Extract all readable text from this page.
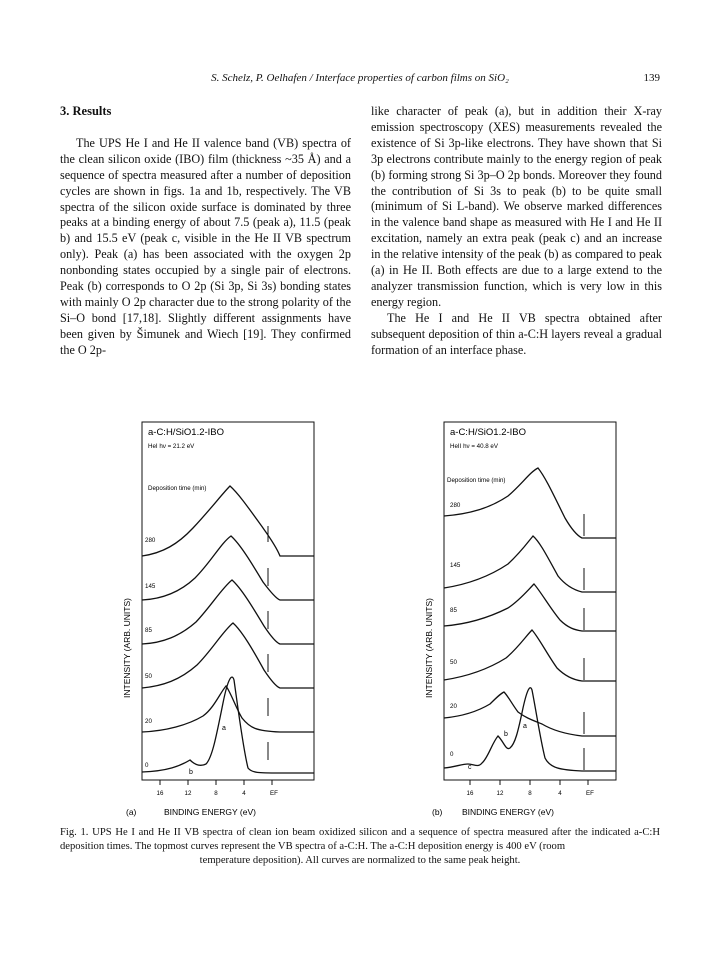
S. Schelz, P. Oelhafen / Interface properties of carbon films on SiO₂	139
3. Results

The UPS He I and He II valence band (VB) spectra of the clean silicon oxide (IBO) film (thickness ~35 Å) and a sequence of spectra measured after a number of deposition cycles are shown in figs. 1a and 1b, respectively. The VB spectra of the silicon oxide surface is dominated by three peaks at a binding energy of about 7.5 (peak a), 11.5 (peak b) and 15.5 eV (peak c, visible in the He II VB spectrum only). Peak (a) has been associated with the oxygen 2p nonbonding states occupied by a single pair of electrons. Peak (b) corresponds to O 2p (Si 3p, Si 3s) bonding states with mainly O 2p character due to the strong polarity of the Si–O bond [17,18]. Slightly different assignments have been given by Šimunek and Wiech [19]. They confirmed the O 2p-

like character of peak (a), but in addition their X-ray emission spectroscopy (XES) measurements revealed the existence of Si 3p-like electrons. They have shown that Si 3p electrons contribute mainly to the energy region of peak (b) forming strong Si 3p–O 2p bonds. Moreover they found the contribution of Si 3s to peak (b) to be quite small (minimum of Si L-band). We observe marked differences in the valence band shape as measured with He I and He II excitation, namely an extra peak (peak c) and an increase in the relative intensity of the peak (b) as compared to peak (a) in He II. Both effects are due to a large extend to the analyzer transmission function, which is very low in this energy region.

The He I and He II VB spectra obtained after subsequent deposition of thin a-C:H layers reveal a gradual formation of an interface phase.

INTENSITY (ARB. UNITS)
a-C:H/SiO1.2-IBO
HeI hν = 21.2 eV
Deposition time (min)
280
145
85
50
20
0
a
b
16	12	8	4	EF
(a)	BINDING ENERGY (eV)
INTENSITY (ARB. UNITS)
a-C:H/SiO1.2-IBO
HeII hν = 40.8 eV
Deposition time (min)
280
145
85
50
20
0
a
b
c
16	12	8	4	EF
(b) BINDING ENERGY (eV)
Fig. 1. UPS He I and He II VB spectra of clean ion beam oxidized silicon and a sequence of spectra measured after the indicated a-C:H deposition times. The topmost curves represent the VB spectra of a-C:H. The a-C:H deposition energy is 400 eV (room
temperature deposition). All curves are normalized to the same peak height.
